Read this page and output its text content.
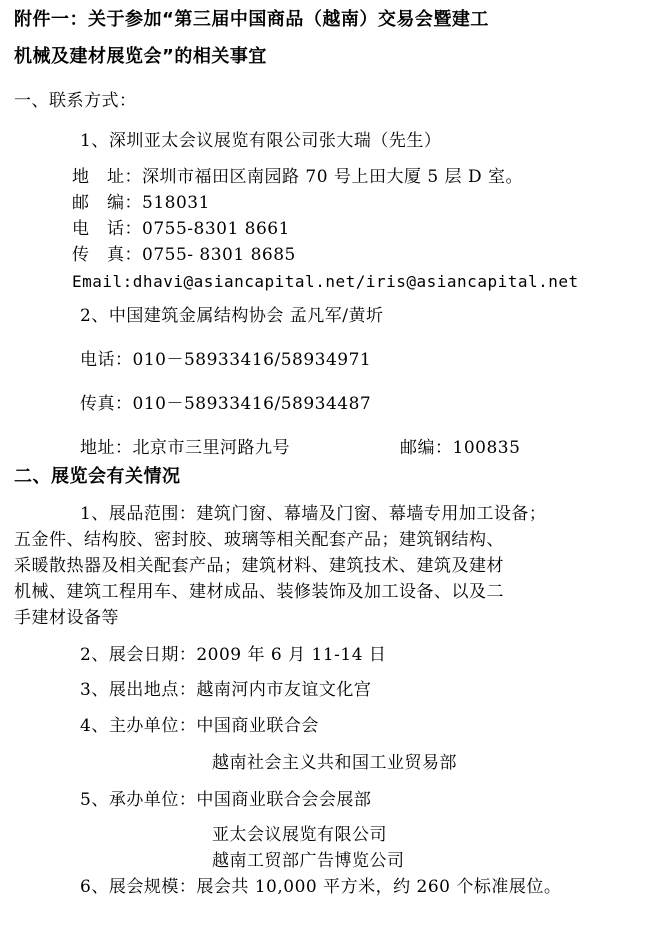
附件一：关于参加“第三届中国商品（越南）交易会暨建工
机械及建材展览会”的相关事宜
一、联系方式：
1、深圳亚太会议展览有限公司张大瑞（先生）
地　址：深圳市福田区南园路 70 号上田大厦 5 层 D 室。
邮　编：518031
电　话：0755-8301 8661
传　真：0755- 8301 8685
Email:dhavi@asiancapital.net/iris@asiancapital.net
2、中国建筑金属结构协会 孟凡军/黄圻
电话：010－58933416/58934971
传真：010－58933416/58934487
地址：北京市三里河路九号	邮编：100835
二、展览会有关情况
1、展品范围：建筑门窗、幕墙及门窗、幕墙专用加工设备；
五金件、结构胶、密封胶、玻璃等相关配套产品；建筑钢结构、
采暖散热器及相关配套产品；建筑材料、建筑技术、建筑及建材
机械、建筑工程用车、建材成品、装修装饰及加工设备、以及二
手建材设备等
2、展会日期：2009 年 6 月 11-14 日
3、展出地点：越南河内市友谊文化宫
4、主办单位：中国商业联合会
越南社会主义共和国工业贸易部
5、承办单位：中国商业联合会会展部
亚太会议展览有限公司
越南工贸部广告博览公司
6、展会规模：展会共 10,000 平方米，约 260 个标准展位。
